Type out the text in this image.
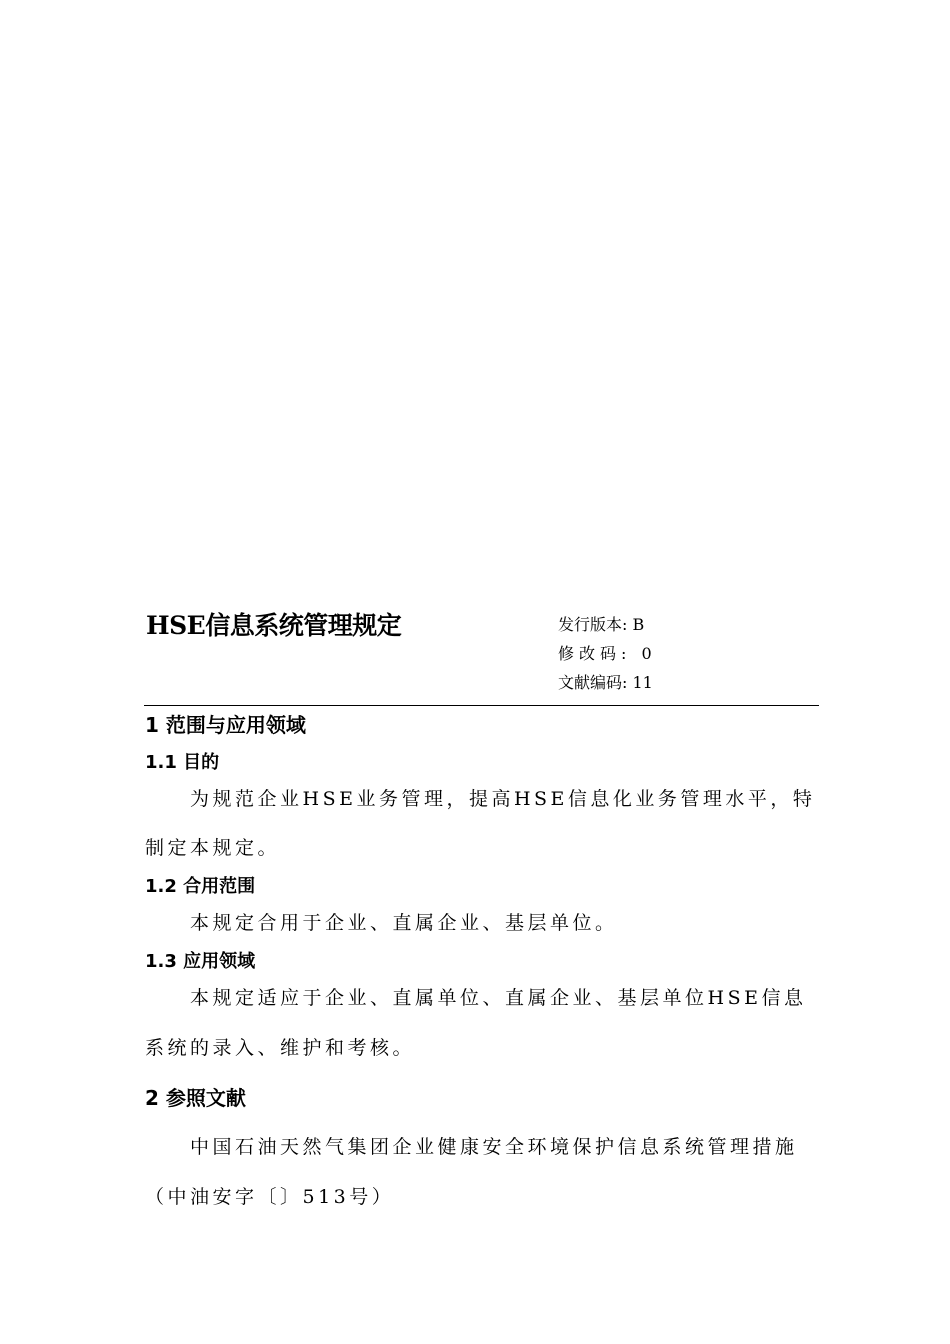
HSE信息系统管理规定	发行版本: B
修改码: 0
文献编码: 11
1 范围与应用领域
1.1 目的
为规范企业HSE业务管理，提高HSE信息化业务管理水平，特
制定本规定。
1.2 合用范围
本规定合用于企业、直属企业、基层单位。
1.3 应用领域
本规定适应于企业、直属单位、直属企业、基层单位HSE信息
系统的录入、维护和考核。
2 参照文献
中国石油天然气集团企业健康安全环境保护信息系统管理措施
（中油安字〔〕513号）
